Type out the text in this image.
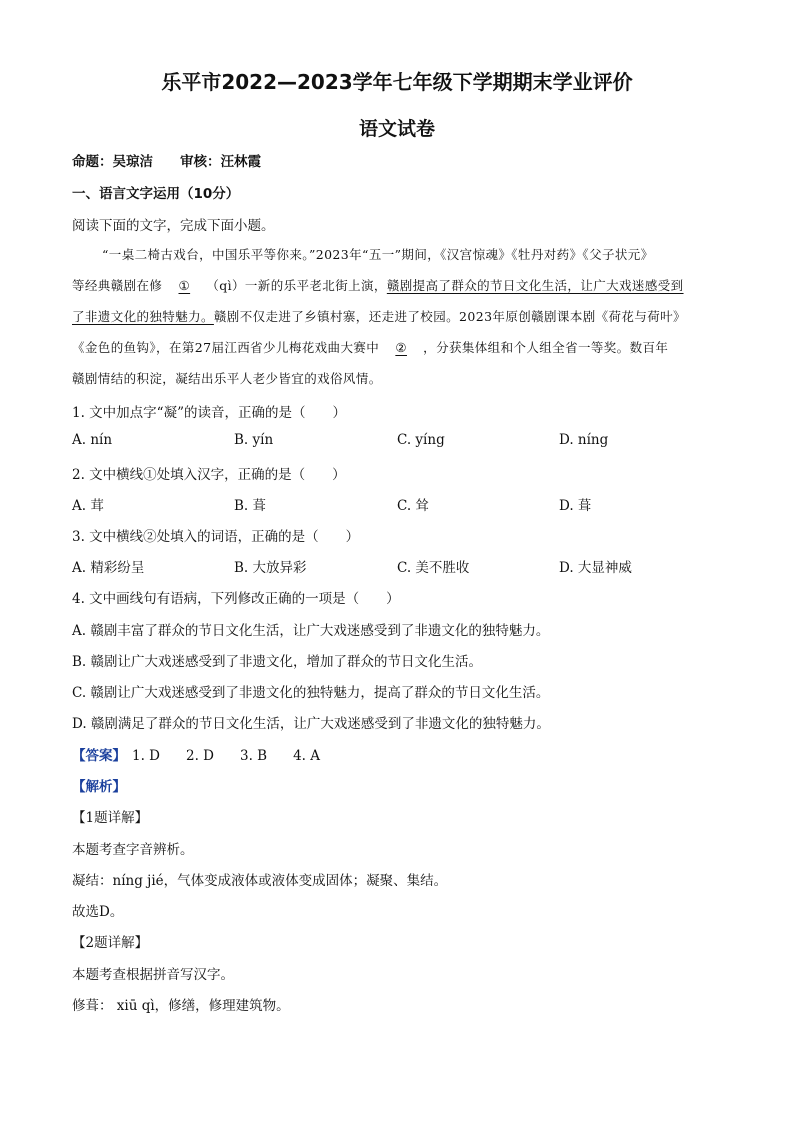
乐平市2022—2023学年七年级下学期期末学业评价
语文试卷
命题：吴琼洁　　审核：汪林霞
一、语言文字运用（10分）
阅读下面的文字，完成下面小题。
“一桌二椅古戏台，中国乐平等你来。”2023年“五一”期间，《汉宫惊魂》《牡丹对药》《父子状元》
等经典赣剧在修 ① （qì）一新的乐平老北街上演，赣剧提高了群众的节日文化生活，让广大戏迷感受到
了非遗文化的独特魅力。赣剧不仅走进了乡镇村寨，还走进了校园。2023年原创赣剧课本剧《荷花与荷叶》
《金色的鱼钩》，在第27届江西省少儿梅花戏曲大赛中 ② ，分获集体组和个人组全省一等奖。数百年
赣剧情结的积淀，凝结出乐平人老少皆宜的戏俗风情。
1. 文中加点字“凝”的读音，正确的是（　　）
A. nín	B. yín	C. yíng	D. níng
2. 文中横线①处填入汉字，正确的是（　　）
A. 茸	B. 葺	C. 耸	D. 葺
3. 文中横线②处填入的词语，正确的是（　　）
A. 精彩纷呈	B. 大放异彩	C. 美不胜收	D. 大显神威
4. 文中画线句有语病，下列修改正确的一项是（　　）
A. 赣剧丰富了群众的节日文化生活，让广大戏迷感受到了非遗文化的独特魅力。
B. 赣剧让广大戏迷感受到了非遗文化，增加了群众的节日文化生活。
C. 赣剧让广大戏迷感受到了非遗文化的独特魅力，提高了群众的节日文化生活。
D. 赣剧满足了群众的节日文化生活，让广大戏迷感受到了非遗文化的独特魅力。
【答案】 1. D 2. D 3. B 4. A
【解析】
【1题详解】
本题考查字音辨析。
凝结：níng jié，气体变成液体或液体变成固体；凝聚、集结。
故选D。
【2题详解】
本题考查根据拼音写汉字。
修葺： xiū qì，修缮，修理建筑物。
